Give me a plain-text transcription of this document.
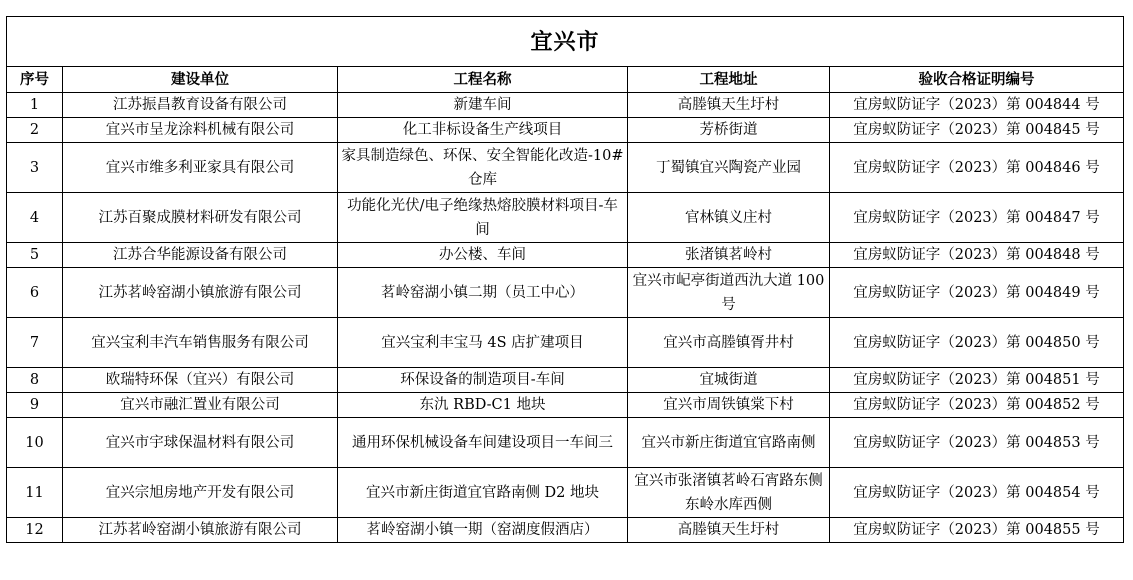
宜兴市				
序号	建设单位	工程名称	工程地址	验收合格证明编号
1	江苏振昌教育设备有限公司	新建车间	高塍镇天生圩村	宜房蚁防证字（2023）第 004844 号
2	宜兴市呈龙涂料机械有限公司	化工非标设备生产线项目	芳桥街道	宜房蚁防证字（2023）第 004845 号
3	宜兴市维多利亚家具有限公司	家具制造绿色、环保、安全智能化改造-10#仓库	丁蜀镇宜兴陶瓷产业园	宜房蚁防证字（2023）第 004846 号
4	江苏百聚成膜材料研发有限公司	功能化光伏/电子绝缘热熔胶膜材料项目-车间	官林镇义庄村	宜房蚁防证字（2023）第 004847 号
5	江苏合华能源设备有限公司	办公楼、车间	张渚镇茗岭村	宜房蚁防证字（2023）第 004848 号
6	江苏茗岭窑湖小镇旅游有限公司	茗岭窑湖小镇二期（员工中心）	宜兴市屺亭街道西氿大道 100 号	宜房蚁防证字（2023）第 004849 号
7	宜兴宝利丰汽车销售服务有限公司	宜兴宝利丰宝马 4S 店扩建项目	宜兴市高塍镇胥井村	宜房蚁防证字（2023）第 004850 号
8	欧瑞特环保（宜兴）有限公司	环保设备的制造项目-车间	宜城街道	宜房蚁防证字（2023）第 004851 号
9	宜兴市融汇置业有限公司	东氿 RBD-C1 地块	宜兴市周铁镇棠下村	宜房蚁防证字（2023）第 004852 号
10	宜兴市宇球保温材料有限公司	通用环保机械设备车间建设项目一车间三	宜兴市新庄街道宜官路南侧	宜房蚁防证字（2023）第 004853 号
11	宜兴宗旭房地产开发有限公司	宜兴市新庄街道宜官路南侧 D2 地块	宜兴市张渚镇茗岭石宵路东侧东岭水库西侧	宜房蚁防证字（2023）第 004854 号
12	江苏茗岭窑湖小镇旅游有限公司	茗岭窑湖小镇一期（窑湖度假酒店）	高塍镇天生圩村	宜房蚁防证字（2023）第 004855 号
